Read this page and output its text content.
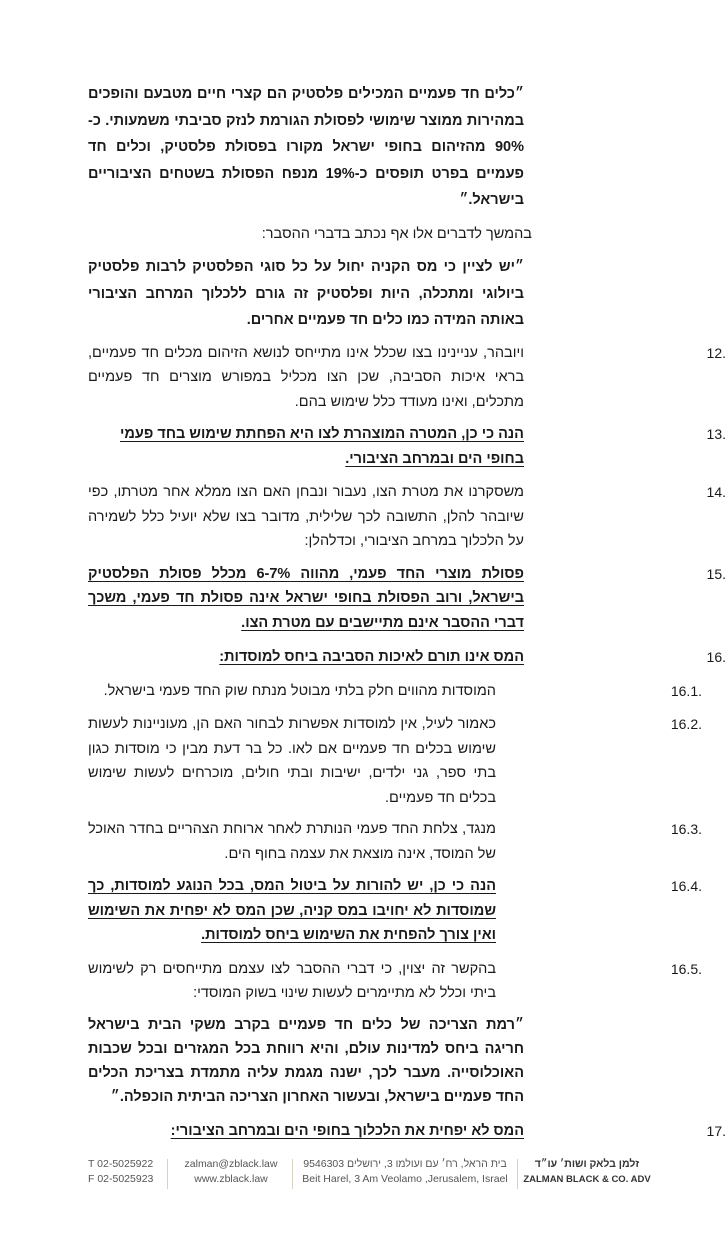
״כלים חד פעמיים המכילים פלסטיק הם קצרי חיים מטבעם והופכים במהירות ממוצר שימושי לפסולת הגורמת לנזק סביבתי משמעותי. כ- 90% מהזיהום בחופי ישראל מקורו בפסולת פלסטיק, וכלים חד פעמיים בפרט תופסים כ-19% מנפח הפסולת בשטחים הציבוריים בישראל.״

בהמשך לדברים אלו אף נכתב בדברי ההסבר:

״יש לציין כי מס הקניה יחול על כל סוגי הפלסטיק לרבות פלסטיק ביולוגי ומתכלה, היות ופלסטיק זה גורם ללכלוך המרחב הציבורי באותה המידה כמו כלים חד פעמיים אחרים.

12.

ויובהר, עניינינו בצו שכלל אינו מתייחס לנושא הזיהום מכלים חד פעמיים, בראי איכות הסביבה, שכן הצו מכליל במפורש מוצרים חד פעמיים מתכלים, ואינו מעודד כלל שימוש בהם.

13.

הנה כי כן, המטרה המוצהרת לצו היא הפחתת שימוש בחד פעמי בחופי הים ובמרחב הציבורי.

14.

משסקרנו את מטרת הצו, נעבור ונבחן האם הצו ממלא אחר מטרתו, כפי שיובהר להלן, התשובה לכך שלילית, מדובר בצו שלא יועיל כלל לשמירה על הלכלוך במרחב הציבורי, וכדלהלן:

15.

פסולת מוצרי החד פעמי, מהווה 6-7% מכלל פסולת הפלסטיק בישראל, ורוב הפסולת בחופי ישראל אינה פסולת חד פעמי, משכך דברי ההסבר אינם מתיישבים עם מטרת הצו.

16.

המס אינו תורם לאיכות הסביבה ביחס למוסדות:

16.1.

המוסדות מהווים חלק בלתי מבוטל מנתח שוק החד פעמי בישראל.

16.2.

כאמור לעיל, אין למוסדות אפשרות לבחור האם הן, מעוניינות לעשות שימוש בכלים חד פעמיים אם לאו. כל בר דעת מבין כי מוסדות כגון בתי ספר, גני ילדים, ישיבות ובתי חולים, מוכרחים לעשות שימוש בכלים חד פעמיים.

16.3.

מנגד, צלחת החד פעמי הנותרת לאחר ארוחת הצהריים בחדר האוכל של המוסד, אינה מוצאת את עצמה בחוף הים.

16.4.

הנה כי כן, יש להורות על ביטול המס, בכל הנוגע למוסדות, כך שמוסדות לא יחויבו במס קניה, שכן המס לא יפחית את השימוש ואין צורך להפחית את השימוש ביחס למוסדות.

16.5.

בהקשר זה יצוין, כי דברי ההסבר לצו עצמם מתייחסים רק לשימוש ביתי וכלל לא מתיימרים לעשות שינוי בשוק המוסדי:

״רמת הצריכה של כלים חד פעמיים בקרב משקי הבית בישראל חריגה ביחס למדינות עולם, והיא רווחת בכל המגזרים ובכל שכבות האוכלוסייה. מעבר לכך, ישנה מגמת עליה מתמדת בצריכת הכלים החד פעמיים בישראל, ובעשור האחרון הצריכה הביתית הוכפלה.״

17.

המס לא יפחית את הלכלוך בחופי הים ובמרחב הציבורי:

T 02-5025922
F 02-5025923
zalman@zblack.law
www.zblack.law
בית הראל, רח׳ עם ועולמו 3, ירושלים 9546303
Beit Harel, 3 Am Veolamo ,Jerusalem, Israel
זלמן בלאק ושות׳ עו״ד
ZALMAN BLACK & CO. ADV
